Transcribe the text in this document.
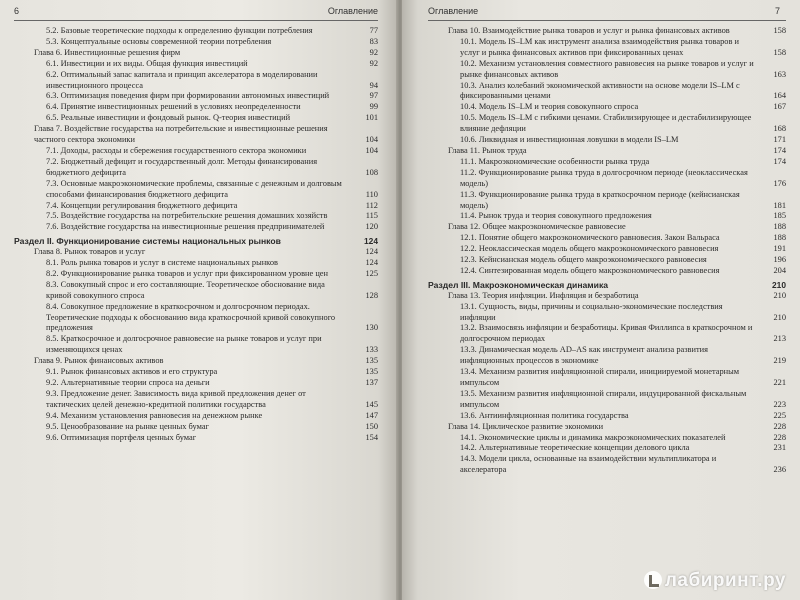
6	Оглавление
5.2. Базовые теоретические подходы к определению функции потребления	77
5.3. Концептуальные основы современной теории потребления	83
Глава 6. Инвестиционные решения фирм	92
6.1. Инвестиции и их виды. Общая функция инвестиций	92
6.2. Оптимальный запас капитала и принцип акселератора в моделировании инвестиционного процесса	94
6.3. Оптимизация поведения фирм при формировании автономных инвестиций	97
6.4. Принятие инвестиционных решений в условиях неопределенности	99
6.5. Реальные инвестиции и фондовый рынок. Q-теория инвестиций	101
Глава 7. Воздействие государства на потребительские и инвестиционные решения частного сектора экономики	104
7.1. Доходы, расходы и сбережения государственного сектора экономики	104
7.2. Бюджетный дефицит и государственный долг. Методы финансирования бюджетного дефицита	108
7.3. Основные макроэкономические проблемы, связанные с денежным и долговым способами финансирования бюджетного дефицита	110
7.4. Концепции регулирования бюджетного дефицита	112
7.5. Воздействие государства на потребительские решения домашних хозяйств	115
7.6. Воздействие государства на инвестиционные решения предпринимателей	120
Раздел II. Функционирование системы национальных рынков	124
Глава 8. Рынок товаров и услуг	124
8.1. Роль рынка товаров и услуг в системе национальных рынков	124
8.2. Функционирование рынка товаров и услуг при фиксированном уровне цен	125
8.3. Совокупный спрос и его составляющие. Теоретическое обоснование вида кривой совокупного спроса	128
8.4. Совокупное предложение в краткосрочном и долгосрочном периодах. Теоретические подходы к обоснованию вида краткосрочной кривой совокупного предложения	130
8.5. Краткосрочное и долгосрочное равновесие на рынке товаров и услуг при изменяющихся ценах	133
Глава 9. Рынок финансовых активов	135
9.1. Рынок финансовых активов и его структура	135
9.2. Альтернативные теории спроса на деньги	137
9.3. Предложение денег. Зависимость вида кривой предложения денег от тактических целей денежно-кредитной политики государства	145
9.4. Механизм установления равновесия на денежном рынке	147
9.5. Ценообразование на рынке ценных бумаг	150
9.6. Оптимизация портфеля ценных бумаг	154
Оглавление	7
Глава 10. Взаимодействие рынка товаров и услуг и рынка финансовых активов	158
10.1. Модель IS–LM как инструмент анализа взаимодействия рынка товаров и услуг и рынка финансовых активов при фиксированных ценах	158
10.2. Механизм установления совместного равновесия на рынке товаров и услуг и рынке финансовых активов	163
10.3. Анализ колебаний экономической активности на основе модели IS–LM с фиксированными ценами	164
10.4. Модель IS–LM и теория совокупного спроса	167
10.5. Модель IS–LM с гибкими ценами. Стабилизирующее и дестабилизирующее влияние дефляции	168
10.6. Ликвидная и инвестиционная ловушки в модели IS–LM	171
Глава 11. Рынок труда	174
11.1. Макроэкономические особенности рынка труда	174
11.2. Функционирование рынка труда в долгосрочном периоде (неоклассическая модель)	176
11.3. Функционирование рынка труда в краткосрочном периоде (кейнсианская модель)	181
11.4. Рынок труда и теория совокупного предложения	185
Глава 12. Общее макроэкономическое равновесие	188
12.1. Понятие общего макроэкономического равновесия. Закон Вальраса	188
12.2. Неоклассическая модель общего макроэкономического равновесия	191
12.3. Кейнсианская модель общего макроэкономического равновесия	196
12.4. Синтезированная модель общего макроэкономического равновесия	204
Раздел III. Макроэкономическая динамика	210
Глава 13. Теория инфляции. Инфляция и безработица	210
13.1. Сущность, виды, причины и социально-экономические последствия инфляции	210
13.2. Взаимосвязь инфляции и безработицы. Кривая Филлипса в краткосрочном и долгосрочном периодах	213
13.3. Динамическая модель AD–AS как инструмент анализа развития инфляционных процессов в экономике	219
13.4. Механизм развития инфляционной спирали, инициируемой монетарным импульсом	221
13.5. Механизм развития инфляционной спирали, индуцированной фискальным импульсом	223
13.6. Антиинфляционная политика государства	225
Глава 14. Циклическое развитие экономики	228
14.1. Экономические циклы и динамика макроэкономических показателей	228
14.2. Альтернативные теоретические концепции делового цикла	231
14.3. Модели цикла, основанные на взаимодействии мультипликатора и акселератора	236
лабиринт.ру
